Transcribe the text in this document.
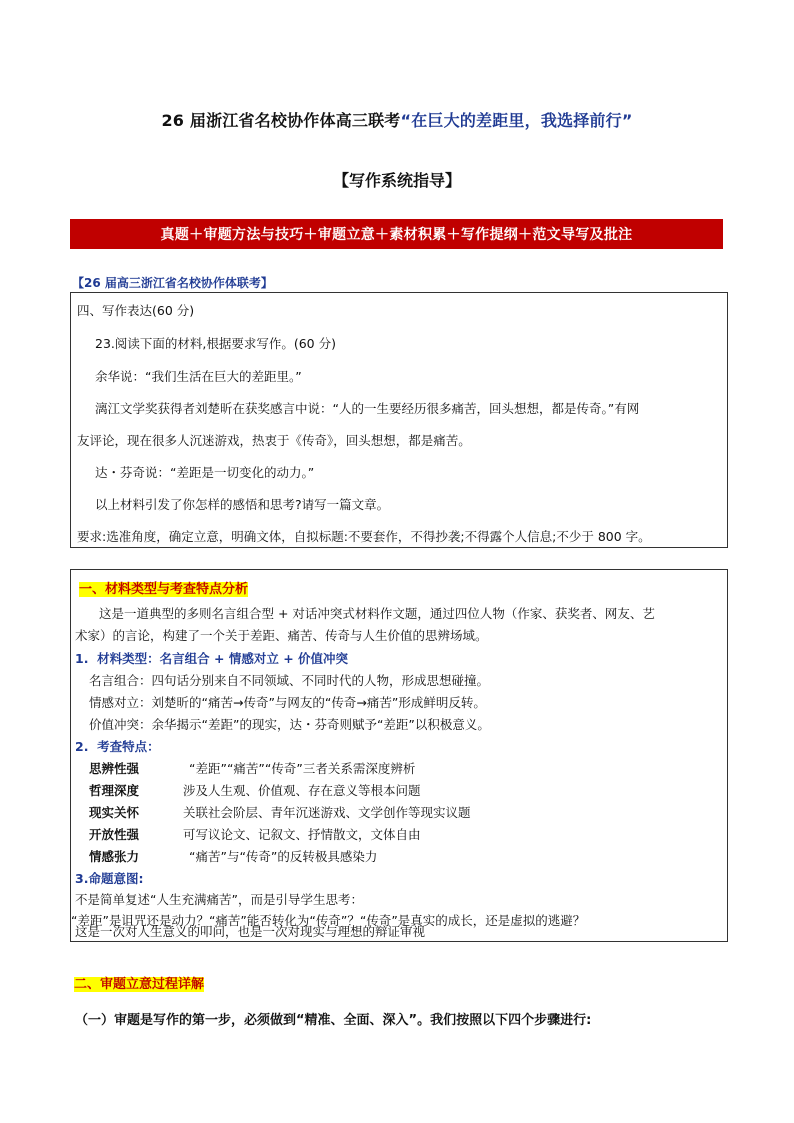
26 届浙江省名校协作体高三联考“在巨大的差距里，我选择前行”
【写作系统指导】
真题＋审题方法与技巧＋审题立意＋素材积累＋写作提纲＋范文导写及批注
【26 届高三浙江省名校协作体联考】
四、写作表达(60 分)
23.阅读下面的材料,根据要求写作。(60 分)
余华说：“我们生活在巨大的差距里。”
漓江文学奖获得者刘楚昕在获奖感言中说：“人的一生要经历很多痛苦，回头想想，都是传奇。”有网
友评论，现在很多人沉迷游戏，热衷于《传奇》，回头想想，都是痛苦。
达・芬奇说：“差距是一切变化的动力。”
以上材料引发了你怎样的感悟和思考?请写一篇文章。
要求:选准角度，确定立意，明确文体，自拟标题:不要套作，不得抄袭;不得露个人信息;不少于 800 字。
一、材料类型与考查特点分析
这是一道典型的多则名言组合型 + 对话冲突式材料作文题，通过四位人物（作家、获奖者、网友、艺
术家）的言论，构建了一个关于差距、痛苦、传奇与人生价值的思辨场域。
1. 材料类型：名言组合 + 情感对立 + 价值冲突
名言组合：四句话分别来自不同领域、不同时代的人物，形成思想碰撞。
情感对立：刘楚昕的“痛苦→传奇”与网友的“传奇→痛苦”形成鲜明反转。
价值冲突：余华揭示“差距”的现实，达・芬奇则赋予“差距”以积极意义。
2. 考查特点：
思辨性强	“差距”“痛苦”“传奇”三者关系需深度辨析
哲理深度	涉及人生观、价值观、存在意义等根本问题
现实关怀	关联社会阶层、青年沉迷游戏、文学创作等现实议题
开放性强	可写议论文、记叙文、抒情散文，文体自由
情感张力	“痛苦”与“传奇”的反转极具感染力
3.命题意图:
不是简单复述“人生充满痛苦”，而是引导学生思考：
“差距”是诅咒还是动力？“痛苦”能否转化为“传奇”？“传奇”是真实的成长，还是虚拟的逃避？
这是一次对人生意义的叩问，也是一次对现实与理想的辩证审视
二、审题立意过程详解
（一）审题是写作的第一步，必须做到“精准、全面、深入”。我们按照以下四个步骤进行:
